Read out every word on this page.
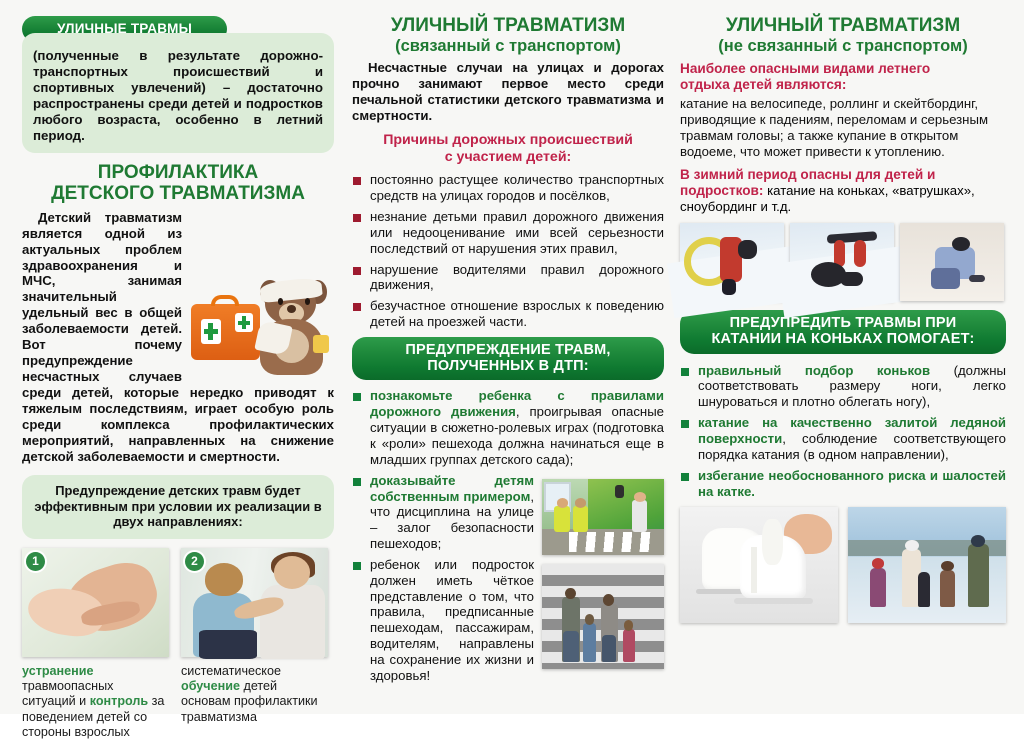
УЛИЧНЫЕ ТРАВМЫ
(полученные в результате дорожно-транспортных происшествий и спортивных увлечений) – достаточно распространены среди детей и подростков любого возраста, особенно в летний период.
ПРОФИЛАКТИКА
ДЕТСКОГО ТРАВМАТИЗМА

Детский травматизм является одной из актуальных проблем здравоохранения и МЧС, занимая значительный удельный вес в общей заболеваемости детей. Вот почему предупреждение несчастных случаев среди детей, которые нередко приводят к тяжелым последствиям, играет особую роль среди комплекса профилактических мероприятий, направленных на снижение детской заболеваемости и смертности.

Предупреждение детских травм будет эффективным при условии их реализации в двух направлениях:
1
устранение травмоопасных ситуаций и контроль за поведением детей со стороны взрослых
2
систематическое обучение детей основам профилактики травматизма
УЛИЧНЫЙ ТРАВМАТИЗМ
(связанный с транспортом)

Несчастные случаи на улицах и дорогах прочно занимают первое место среди печальной статистики детского травматизма и смертности.

Причины дорожных происшествий
с участием детей:
постоянно растущее количество транспортных средств на улицах городов и посёлков,
незнание детьми правил дорожного движения или недооценивание ими всей серьезности последствий от нарушения этих правил,
нарушение водителями правил дорожного движения,
безучастное отношение взрослых к поведению детей на проезжей части.
ПРЕДУПРЕЖДЕНИЕ ТРАВМ,
ПОЛУЧЕННЫХ В ДТП:
познакомьте ребенка с правилами дорожного движения, проигрывая опасные ситуации в сюжетно-ролевых играх (подготовка к «роли» пешехода должна начинаться еще в младших группах детского сада);
доказывайте детям собственным примером, что дисциплина на улице – залог безопасности пешеходов;
ребенок или подросток должен иметь чёткое представление о том, что правила, предписанные пешеходам, пассажирам, водителям, направлены на сохранение их жизни и здоровья!
УЛИЧНЫЙ ТРАВМАТИЗМ
(не связанный с транспортом)
Наиболее опасными видами летнего
отдыха детей являются:

катание на велосипеде, роллинг и скейтбординг, приводящие к падениям, переломам и серьезным травмам головы; а также купание в открытом водоеме, что может привести к утоплению.

В зимний период опасны для детей и
подростков: катание на коньках, «ватрушках», сноубординг и т.д.
ПРЕДУПРЕДИТЬ ТРАВМЫ ПРИ
КАТАНИИ НА КОНЬКАХ ПОМОГАЕТ:
правильный подбор коньков (должны соответствовать размеру ноги, легко шнуроваться и плотно облегать ногу),
катание на качественно залитой ледяной поверхности, соблюдение соответствующего порядка катания (в одном направлении),
избегание необоснованного риска и шалостей на катке.
